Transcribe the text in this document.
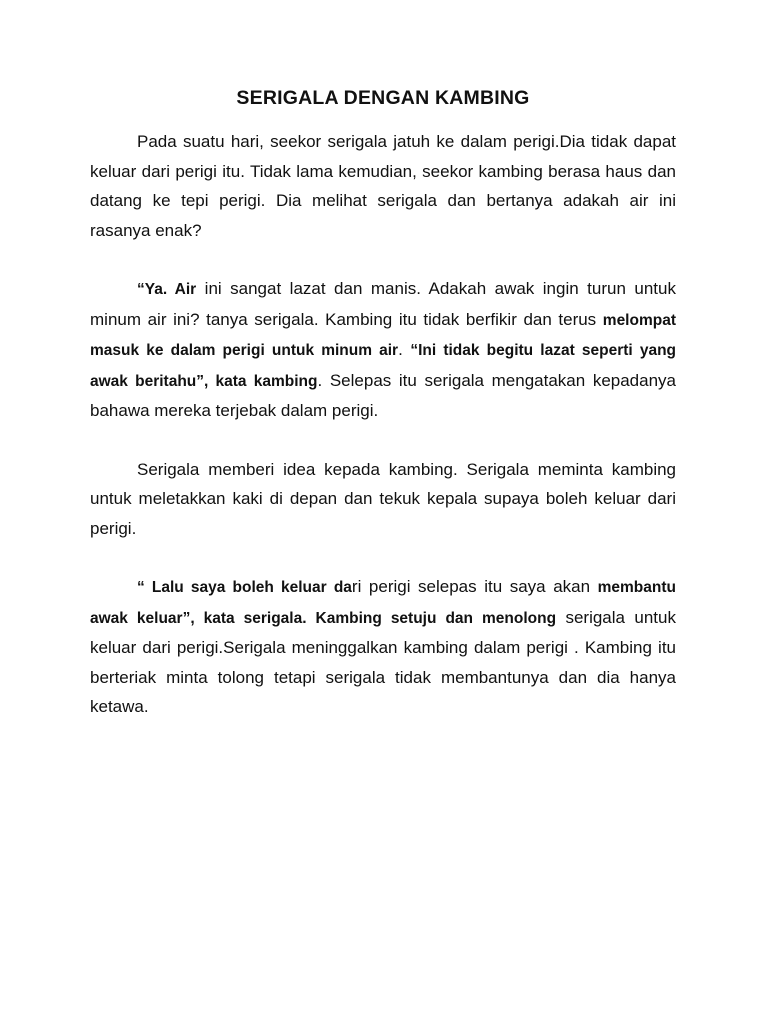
SERIGALA DENGAN KAMBING

Pada suatu hari, seekor serigala jatuh ke dalam perigi.Dia tidak dapat keluar dari perigi itu. Tidak lama kemudian, seekor kambing berasa haus dan datang ke tepi perigi. Dia melihat serigala dan bertanya adakah air ini rasanya enak?

“Ya. Air ini sangat lazat dan manis. Adakah awak ingin turun untuk minum air ini? tanya serigala. Kambing itu tidak berfikir dan terus melompat masuk ke dalam perigi untuk minum air. “Ini tidak begitu lazat seperti yang awak beritahu”, kata kambing. Selepas itu serigala mengatakan kepadanya bahawa mereka terjebak dalam perigi.

Serigala memberi idea kepada kambing. Serigala meminta kambing untuk meletakkan kaki di depan dan tekuk kepala supaya boleh keluar dari perigi.

“ Lalu saya boleh keluar dari perigi selepas itu saya akan membantu awak keluar”, kata serigala. Kambing setuju dan menolong serigala untuk keluar dari perigi.Serigala meninggalkan kambing dalam perigi . Kambing itu berteriak minta tolong tetapi serigala tidak membantunya dan dia hanya ketawa.
